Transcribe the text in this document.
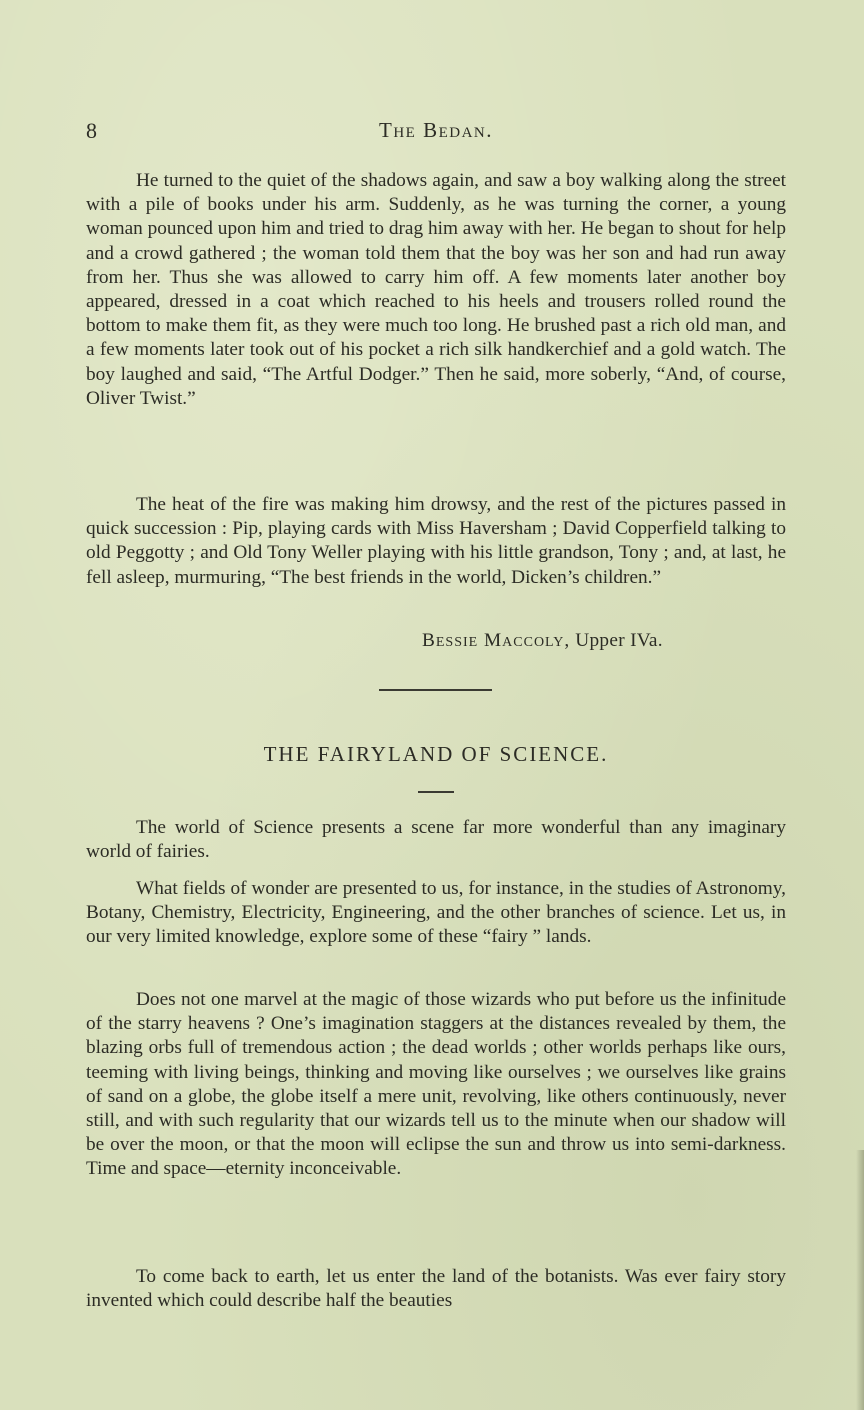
8	The Bedan.

He turned to the quiet of the shadows again, and saw a boy walking along the street with a pile of books under his arm. Suddenly, as he was turning the corner, a young woman pounced upon him and tried to drag him away with her. He began to shout for help and a crowd gathered ; the woman told them that the boy was her son and had run away from her. Thus she was allowed to carry him off. A few moments later another boy appeared, dressed in a coat which reached to his heels and trousers rolled round the bottom to make them fit, as they were much too long. He brushed past a rich old man, and a few moments later took out of his pocket a rich silk handkerchief and a gold watch. The boy laughed and said, “The Artful Dodger.” Then he said, more soberly, “And, of course, Oliver Twist.”

The heat of the fire was making him drowsy, and the rest of the pictures passed in quick succession : Pip, playing cards with Miss Haversham ; David Copperfield talking to old Peggotty ; and Old Tony Weller playing with his little grandson, Tony ; and, at last, he fell asleep, murmuring, “The best friends in the world, Dicken’s children.”

Bessie Maccoly, Upper IVa.
THE FAIRYLAND OF SCIENCE.

The world of Science presents a scene far more wonderful than any imaginary world of fairies.

What fields of wonder are presented to us, for instance, in the studies of Astronomy, Botany, Chemistry, Electricity, Engineering, and the other branches of science. Let us, in our very limited knowledge, explore some of these “fairy ” lands.

Does not one marvel at the magic of those wizards who put before us the infinitude of the starry heavens ? One’s imagination staggers at the distances revealed by them, the blazing orbs full of tremendous action ; the dead worlds ; other worlds perhaps like ours, teeming with living beings, thinking and moving like ourselves ; we ourselves like grains of sand on a globe, the globe itself a mere unit, revolving, like others continuously, never still, and with such regularity that our wizards tell us to the minute when our shadow will be over the moon, or that the moon will eclipse the sun and throw us into semi-darkness. Time and space—eternity inconceivable.

To come back to earth, let us enter the land of the botanists. Was ever fairy story invented which could describe half the beauties
